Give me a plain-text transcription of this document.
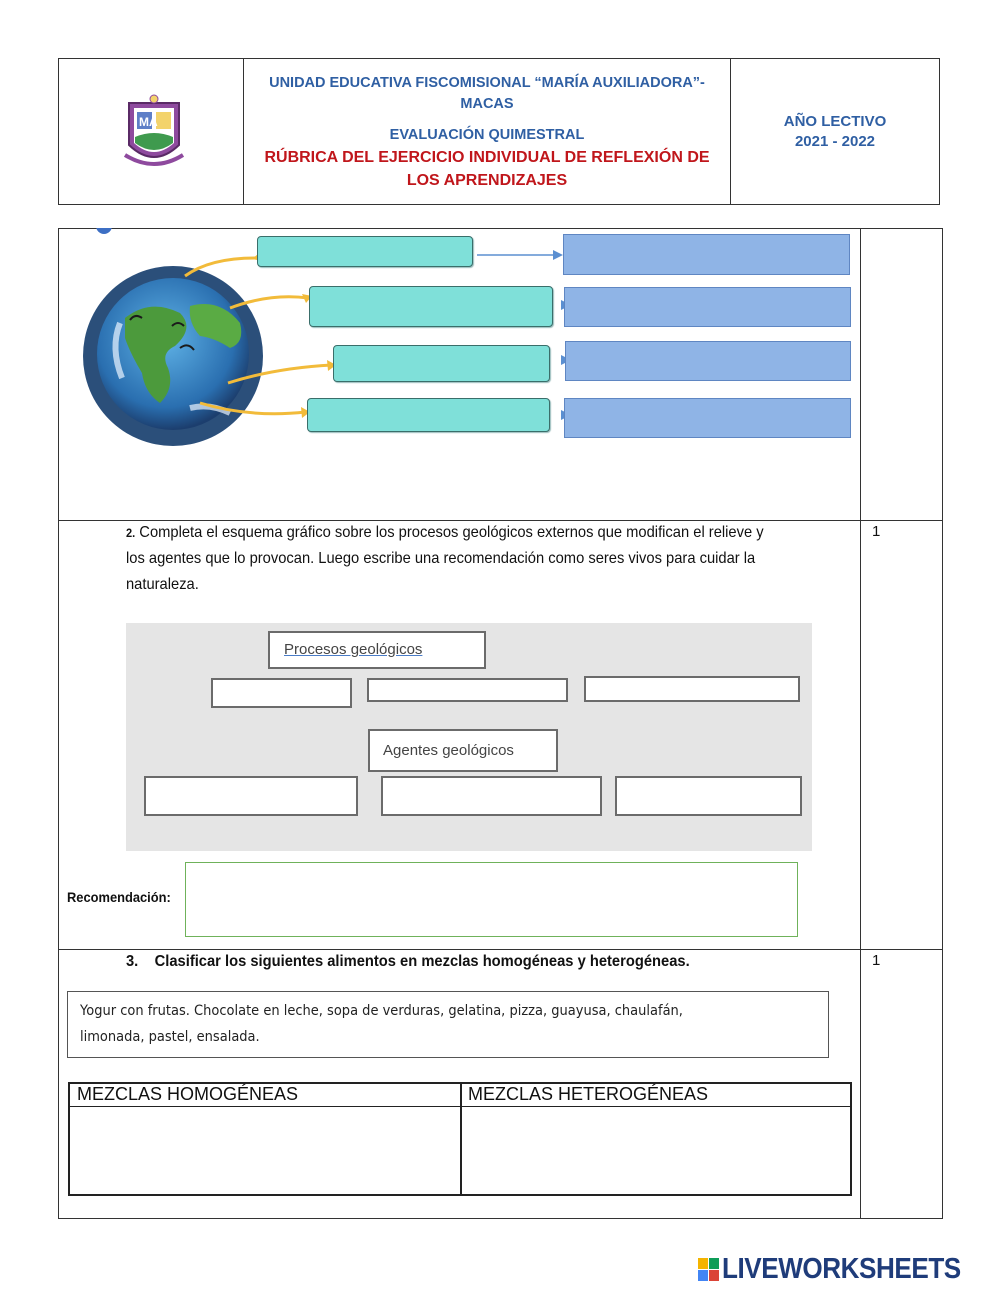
MA
UNIDAD EDUCATIVA FISCOMISIONAL “MARÍA AUXILIADORA”-
MACAS
EVALUACIÓN QUIMESTRAL
RÚBRICA DEL EJERCICIO INDIVIDUAL DE REFLEXIÓN DE
LOS APRENDIZAJES
AÑO LECTIVO
2021 - 2022
2. Completa el esquema gráfico sobre los procesos geológicos externos que modifican el relieve y
los agentes que lo provocan. Luego escribe una recomendación como seres vivos para cuidar la
naturaleza.
1
Procesos geológicos
Agentes geológicos
Recomendación:
3. Clasificar los siguientes alimentos en mezclas homogéneas y heterogéneas.	1
Yogur con frutas. Chocolate en leche, sopa de verduras, gelatina, pizza, guayusa, chaulafán,
limonada, pastel, ensalada.
MEZCLAS HOMOGÉNEAS	MEZCLAS HETEROGÉNEAS
LIVEWORKSHEETS
